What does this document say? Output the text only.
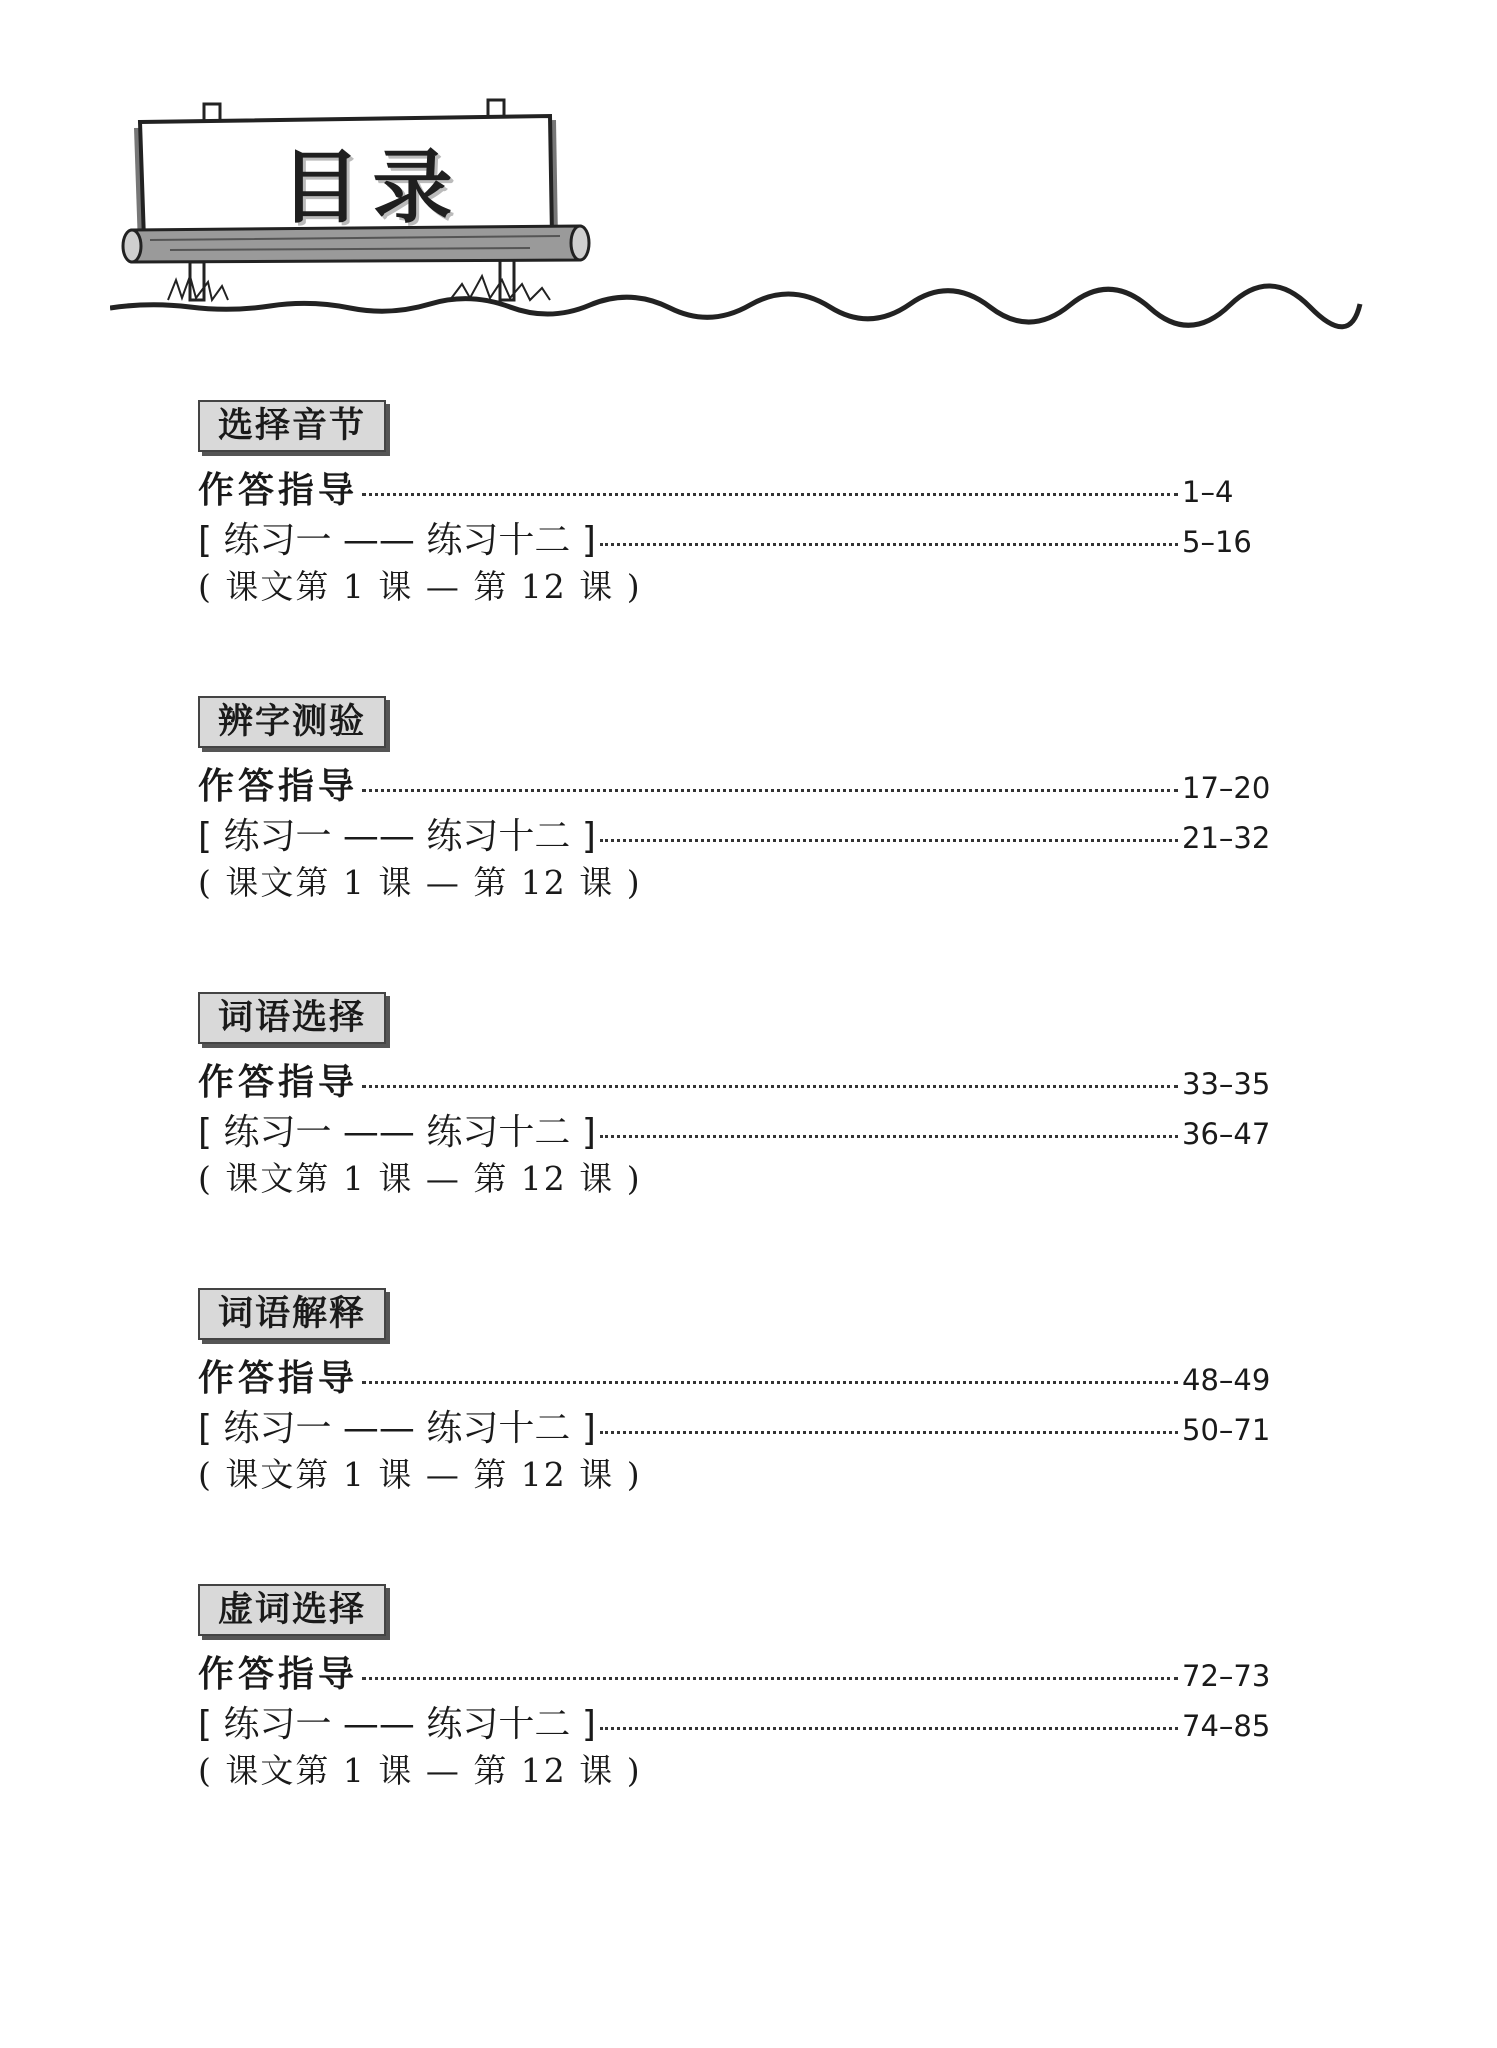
目录
选择音节
作答指导	1–4
[ 练习一 —— 练习十二 ]	5–16
( 课文第 1 课 — 第 12 课 )
辨字测验
作答指导	17–20
[ 练习一 —— 练习十二 ]	21–32
( 课文第 1 课 — 第 12 课 )
词语选择
作答指导	33–35
[ 练习一 —— 练习十二 ]	36–47
( 课文第 1 课 — 第 12 课 )
词语解释
作答指导	48–49
[ 练习一 —— 练习十二 ]	50–71
( 课文第 1 课 — 第 12 课 )
虚词选择
作答指导	72–73
[ 练习一 —— 练习十二 ]	74–85
( 课文第 1 课 — 第 12 课 )
